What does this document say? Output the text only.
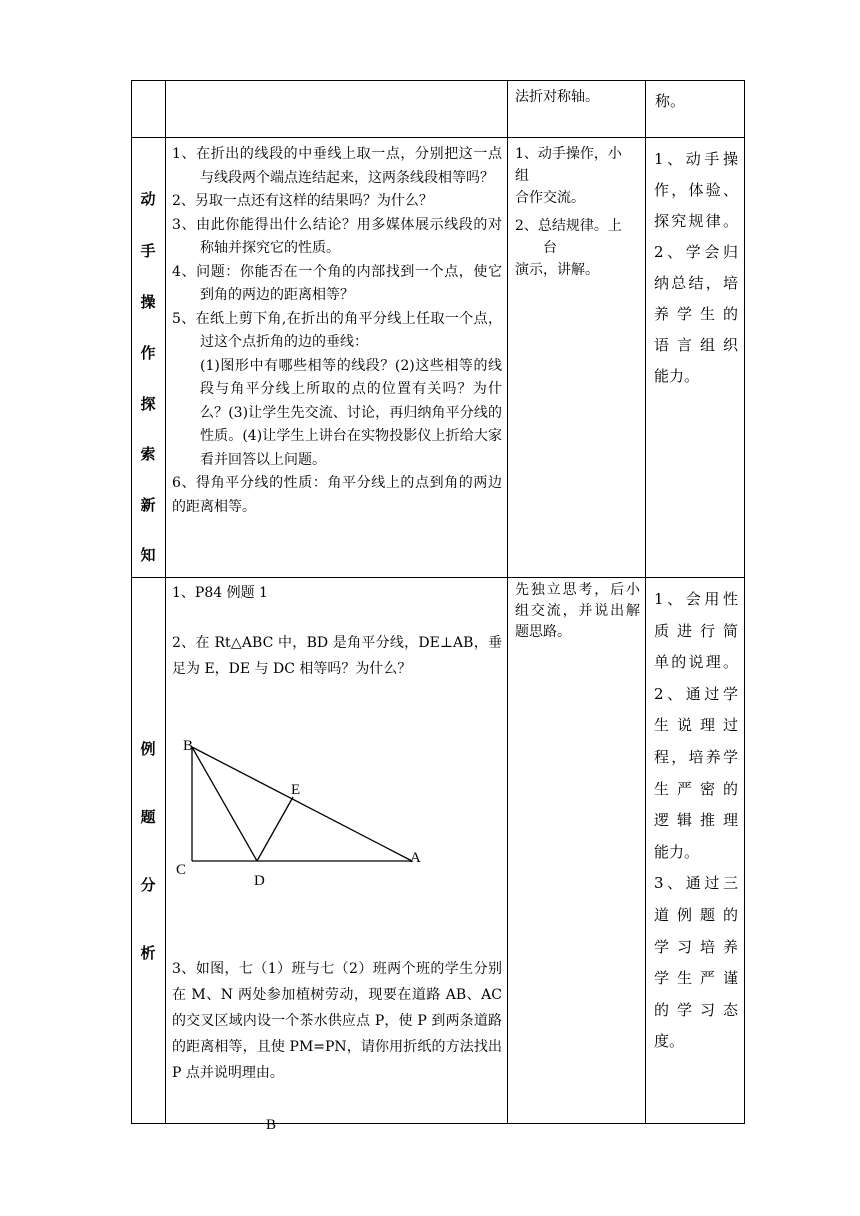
法折对称轴。	称。

动
手
操
作
探
索
新
知

1、在折出的线段的中垂线上取一点，分别把这一点与线段两个端点连结起来，这两条线段相等吗？

2、另取一点还有这样的结果吗？为什么？

3、由此你能得出什么结论？用多媒体展示线段的对称轴并探究它的性质。

4、问题：你能否在一个角的内部找到一个点，使它到角的两边的距离相等？

5、在纸上剪下角,在折出的角平分线上任取一个点，过这个点折角的边的垂线：

(1)图形中有哪些相等的线段？(2)这些相等的线段与角平分线上所取的点的位置有关吗？为什么？(3)让学生先交流、讨论，再归纳角平分线的性质。(4)让学生上讲台在实物投影仪上折给大家看并回答以上问题。

6、得角平分线的性质：角平分线上的点到角的两边的距离相等。

1、动手操作，小

组

合作交流。

2、总结规律。上

台

演示，讲解。

1、动手操

作，体验、

探究规律。

2、学会归

纳总结，培

养学生的

语言组织

能力。

例
题
分
析

1、P84 例题 1

2、在 Rt△ABC 中，BD 是角平分线，DE⊥AB，垂足为 E，DE 与 DC 相等吗？为什么？

B
E
C
D
A

3、如图，七（1）班与七（2）班两个班的学生分别在 M、N 两处参加植树劳动，现要在道路 AB、AC 的交叉区域内设一个茶水供应点 P，使 P 到两条道路的距离相等，且使 PM=PN，请你用折纸的方法找出 P 点并说明理由。

先独立思考，后小组交流，并说出解题思路。

1、会用性

质进行简

单的说理。

2、通过学

生说理过

程，培养学

生严密的

逻辑推理

能力。

3、通过三

道例题的

学习培养

学生严谨

的学习态

度。

B
